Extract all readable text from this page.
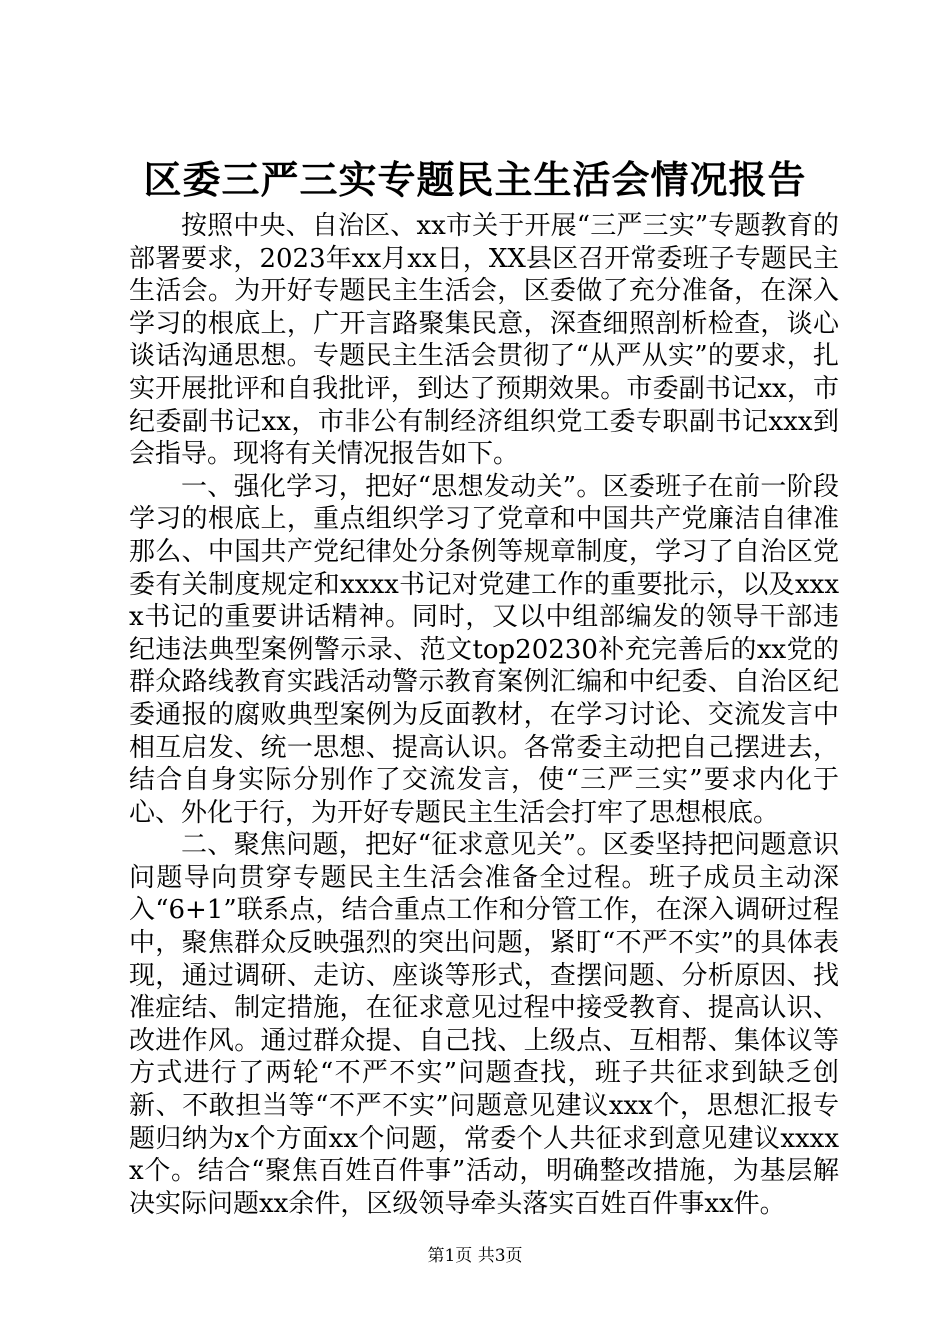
区委三严三实专题民主生活会情况报告

按照中央、自治区、xx市关于开展“三严三实”专题教育的部署要求，2023年xx月xx日，XX县区召开常委班子专题民主生活会。为开好专题民主生活会，区委做了充分准备，在深入学习的根底上，广开言路聚集民意，深查细照剖析检查，谈心谈话沟通思想。专题民主生活会贯彻了“从严从实”的要求，扎实开展批评和自我批评，到达了预期效果。市委副书记xx，市纪委副书记xx，市非公有制经济组织党工委专职副书记xxx到会指导。现将有关情况报告如下。

一、强化学习，把好“思想发动关”。区委班子在前一阶段学习的根底上，重点组织学习了党章和中国共产党廉洁自律准那么、中国共产党纪律处分条例等规章制度，学习了自治区党委有关制度规定和xxxx书记对党建工作的重要批示，以及xxxx书记的重要讲话精神。同时，又以中组部编发的领导干部违纪违法典型案例警示录、范文top20230补充完善后的xx党的群众路线教育实践活动警示教育案例汇编和中纪委、自治区纪委通报的腐败典型案例为反面教材，在学习讨论、交流发言中相互启发、统一思想、提高认识。各常委主动把自己摆进去，结合自身实际分别作了交流发言，使“三严三实”要求内化于心、外化于行，为开好专题民主生活会打牢了思想根底。

二、聚焦问题，把好“征求意见关”。区委坚持把问题意识问题导向贯穿专题民主生活会准备全过程。班子成员主动深入“6+1”联系点，结合重点工作和分管工作，在深入调研过程中，聚焦群众反映强烈的突出问题，紧盯“不严不实”的具体表现，通过调研、走访、座谈等形式，查摆问题、分析原因、找准症结、制定措施，在征求意见过程中接受教育、提高认识、改进作风。通过群众提、自己找、上级点、互相帮、集体议等方式进行了两轮“不严不实”问题查找，班子共征求到缺乏创新、不敢担当等“不严不实”问题意见建议xxx个，思想汇报专题归纳为x个方面xx个问题，常委个人共征求到意见建议xxxxx个。结合“聚焦百姓百件事”活动，明确整改措施，为基层解决实际问题xx余件，区级领导牵头落实百姓百件事xx件。

第1页 共3页
